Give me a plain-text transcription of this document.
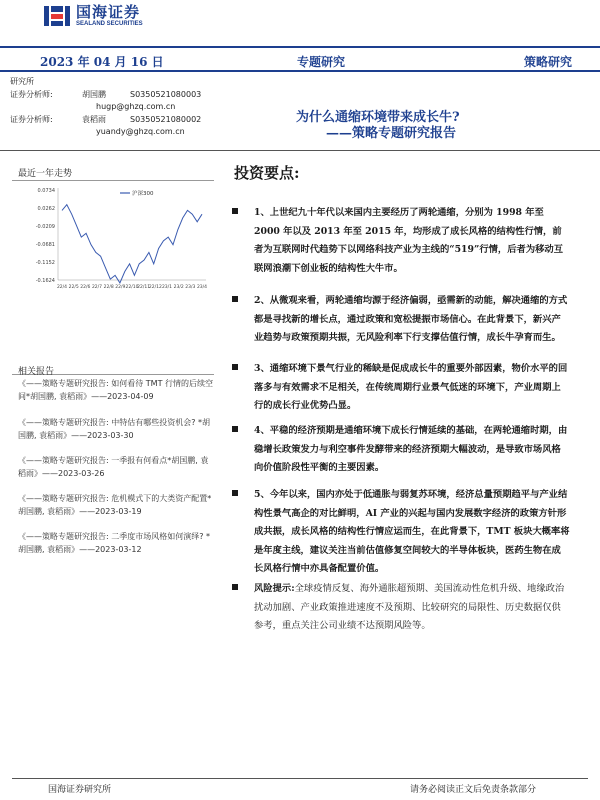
国海证券
SEALAND SECURITIES
2023 年 04 月 16 日	专题研究	策略研究
研究所
证券分析师:	胡国鹏	S0350521080003
hugp@ghzq.com.cn
证券分析师:	袁稻雨	S0350521080002
yuandy@ghzq.com.cn
为什么通缩环境带来成长牛?
——策略专题研究报告
最近一年走势
0.0734
0.0262
-0.0209
-0.0681
-0.1152
-0.1624
22/4 22/5 22/6 22/7 22/8 22/9 22/10
22/11
22/12 23/1 23/2 23/3 23/4
沪深300
相关报告
《——策略专题研究报告: 如何看待 TMT 行情的后续空间*胡国鹏, 袁稻雨》——2023-04-09
《——策略专题研究报告: 中特估有哪些投资机会? *胡国鹏, 袁稻雨》——2023-03-30
《——策略专题研究报告: 一季报有何看点*胡国鹏, 袁稻雨》——2023-03-26
《——策略专题研究报告: 危机模式下的大类资产配置*胡国鹏, 袁稻雨》——2023-03-19
《——策略专题研究报告: 二季度市场风格如何演绎? *胡国鹏, 袁稻雨》——2023-03-12
投资要点:
1、上世纪九十年代以来国内主要经历了两轮通缩，分别为 1998 年至 2000 年以及 2013 年至 2015 年，均形成了成长风格的结构性行情，前者为互联网时代趋势下以网络科技产业为主线的“519”行情，后者为移动互联网浪潮下创业板的结构性大牛市。
2、从微观来看，两轮通缩均源于经济偏弱，亟需新的动能，解决通缩的方式都是寻找新的增长点，通过政策和宽松提振市场信心。在此背景下，新兴产业趋势与政策预期共振，无风险利率下行支撑估值行情，成长牛孕育而生。
3、通缩环境下景气行业的稀缺是促成成长牛的重要外部因素，物价水平的回落多与有效需求不足相关，在传统周期行业景气低迷的环境下，产业周期上行的成长行业优势凸显。
4、平稳的经济预期是通缩环境下成长行情延续的基础，在两轮通缩时期，由稳增长政策发力与利空事件发酵带来的经济预期大幅波动，是导致市场风格向价值阶段性平衡的主要因素。
5、今年以来，国内亦处于低通胀与弱复苏环境，经济总量预期趋平与产业结构性景气高企的对比鲜明，AI 产业的兴起与国内发展数字经济的政策方针形成共振，成长风格的结构性行情应运而生，在此背景下，TMT 板块大概率将是年度主线，建议关注当前估值修复空间较大的半导体板块，医药生物在成长风格行情中亦具备配置价值。
风险提示:全球疫情反复、海外通胀超预期、美国流动性危机升级、地缘政治扰动加剧、产业政策推进速度不及预期、比较研究的局限性、历史数据仅供参考，重点关注公司业绩不达预期风险等。
国海证券研究所	请务必阅读正文后免责条款部分
